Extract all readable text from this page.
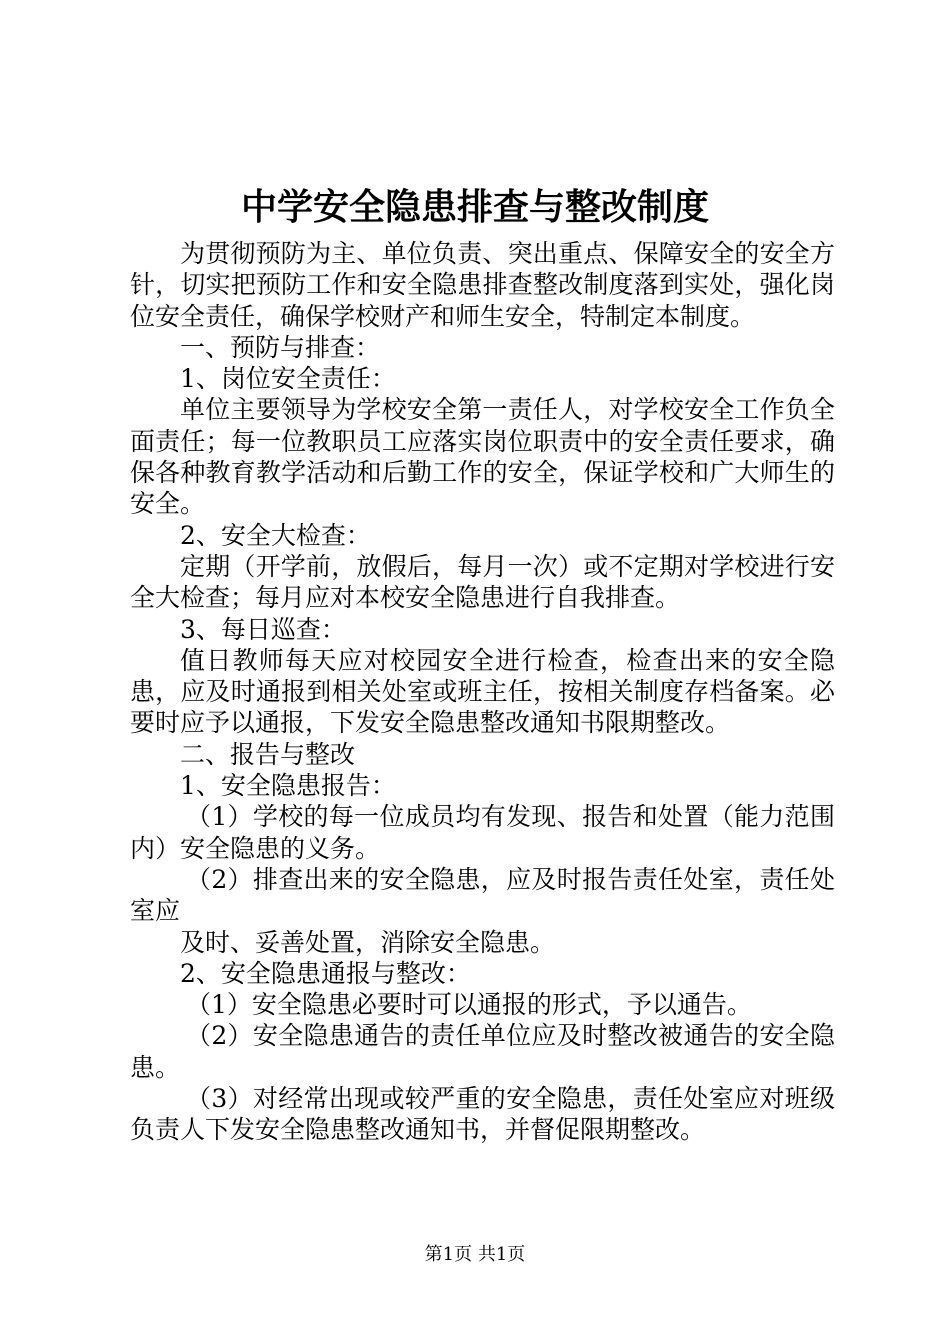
中学安全隐患排查与整改制度

为贯彻预防为主、单位负责、突出重点、保障安全的安全方针，切实把预防工作和安全隐患排查整改制度落到实处，强化岗位安全责任，确保学校财产和师生安全，特制定本制度。

一、预防与排查：

1、岗位安全责任：

单位主要领导为学校安全第一责任人，对学校安全工作负全面责任；每一位教职员工应落实岗位职责中的安全责任要求，确保各种教育教学活动和后勤工作的安全，保证学校和广大师生的安全。

2、安全大检查：

定期（开学前，放假后，每月一次）或不定期对学校进行安全大检查；每月应对本校安全隐患进行自我排查。

3、每日巡查：

值日教师每天应对校园安全进行检查，检查出来的安全隐患，应及时通报到相关处室或班主任，按相关制度存档备案。必要时应予以通报，下发安全隐患整改通知书限期整改。

二、报告与整改

1、安全隐患报告：

（1）学校的每一位成员均有发现、报告和处置（能力范围内）安全隐患的义务。

（2）排查出来的安全隐患，应及时报告责任处室，责任处室应

及时、妥善处置，消除安全隐患。

2、安全隐患通报与整改：

（1）安全隐患必要时可以通报的形式，予以通告。

（2）安全隐患通告的责任单位应及时整改被通告的安全隐患。

（3）对经常出现或较严重的安全隐患，责任处室应对班级负责人下发安全隐患整改通知书，并督促限期整改。

第1页 共1页
